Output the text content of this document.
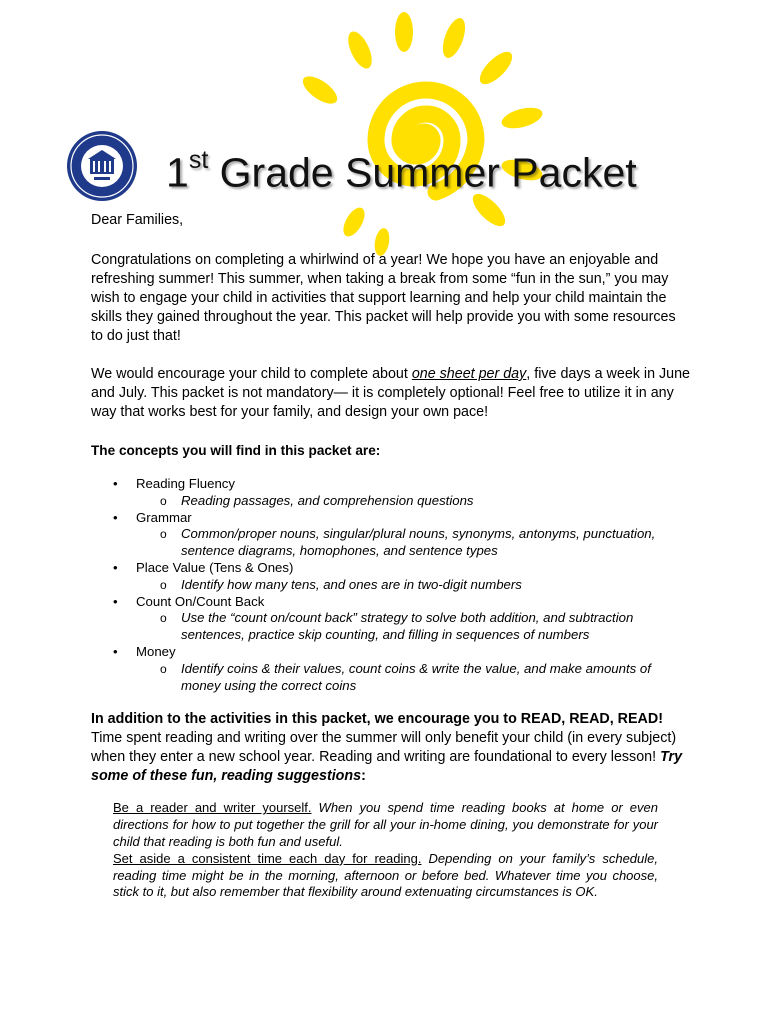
1st Grade Summer Packet

Dear Families,

Congratulations on completing a whirlwind of a year! We hope you have an enjoyable and refreshing summer! This summer, when taking a break from some “fun in the sun,” you may wish to engage your child in activities that support learning and help your child maintain the skills they gained throughout the year. This packet will help provide you with some resources to do just that!

We would encourage your child to complete about one sheet per day, five days a week in June and July. This packet is not mandatory— it is completely optional! Feel free to utilize it in any way that works best for your family, and design your own pace!

The concepts you will find in this packet are:

• Reading Fluency
o Reading passages, and comprehension questions
• Grammar
o Common/proper nouns, singular/plural nouns, synonyms, antonyms, punctuation, sentence diagrams, homophones, and sentence types
• Place Value (Tens & Ones)
o Identify how many tens, and ones are in two-digit numbers
• Count On/Count Back
o Use the “count on/count back” strategy to solve both addition, and subtraction sentences, practice skip counting, and filling in sequences of numbers
• Money
o Identify coins & their values, count coins & write the value, and make amounts of money using the correct coins

In addition to the activities in this packet, we encourage you to READ, READ, READ! Time spent reading and writing over the summer will only benefit your child (in every subject) when they enter a new school year. Reading and writing are foundational to every lesson! Try some of these fun, reading suggestions:

Be a reader and writer yourself. When you spend time reading books at home or even directions for how to put together the grill for all your in-home dining, you demonstrate for your child that reading is both fun and useful.

Set aside a consistent time each day for reading. Depending on your family’s schedule, reading time might be in the morning, afternoon or before bed. Whatever time you choose, stick to it, but also remember that flexibility around extenuating circumstances is OK.
